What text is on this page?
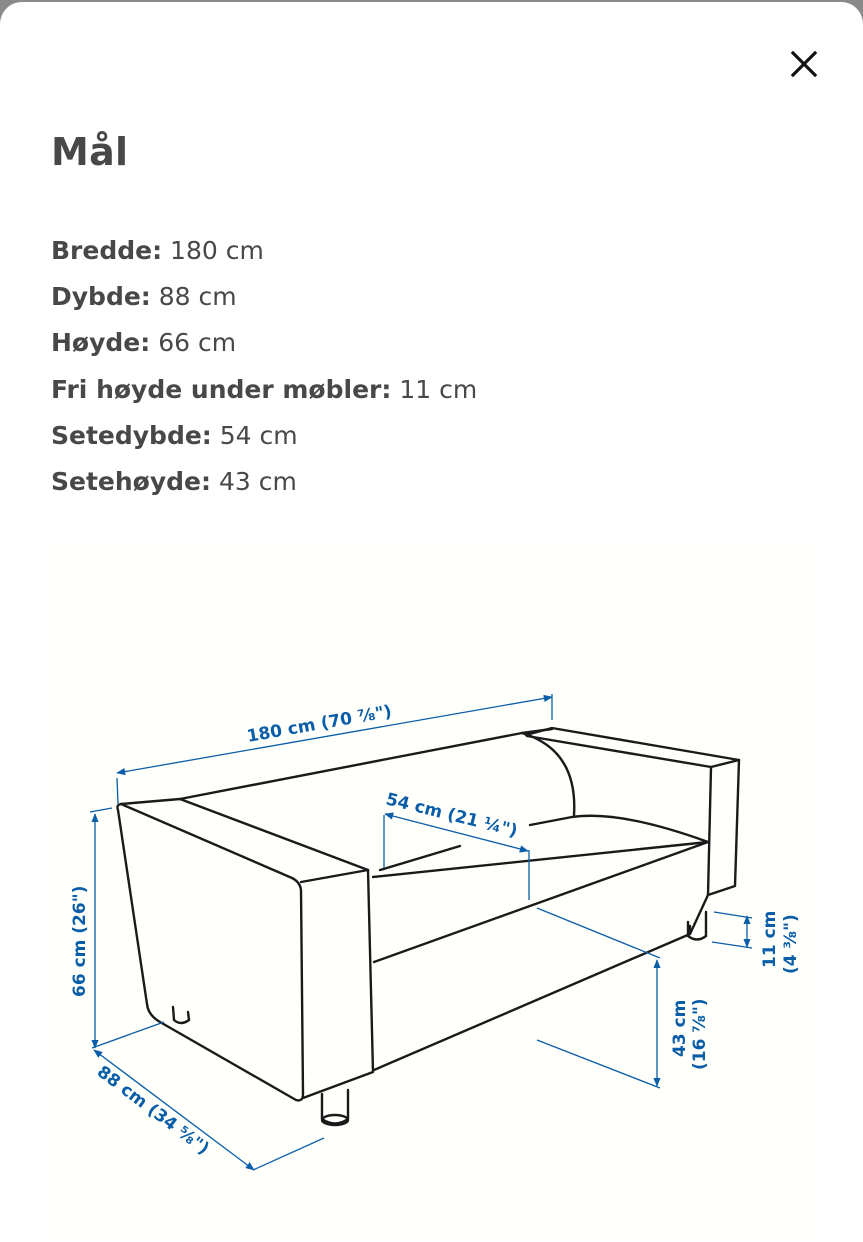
Mål
Bredde: 180 cm
Dybde: 88 cm
Høyde: 66 cm
Fri høyde under møbler: 11 cm
Setedybde: 54 cm
Setehøyde: 43 cm
180 cm (70 ⅞")
54 cm (21 ¼")
66 cm (26")
88 cm (34 ⅝")
43 cm (16 ⅞")
11 cm (4 ⅜")
